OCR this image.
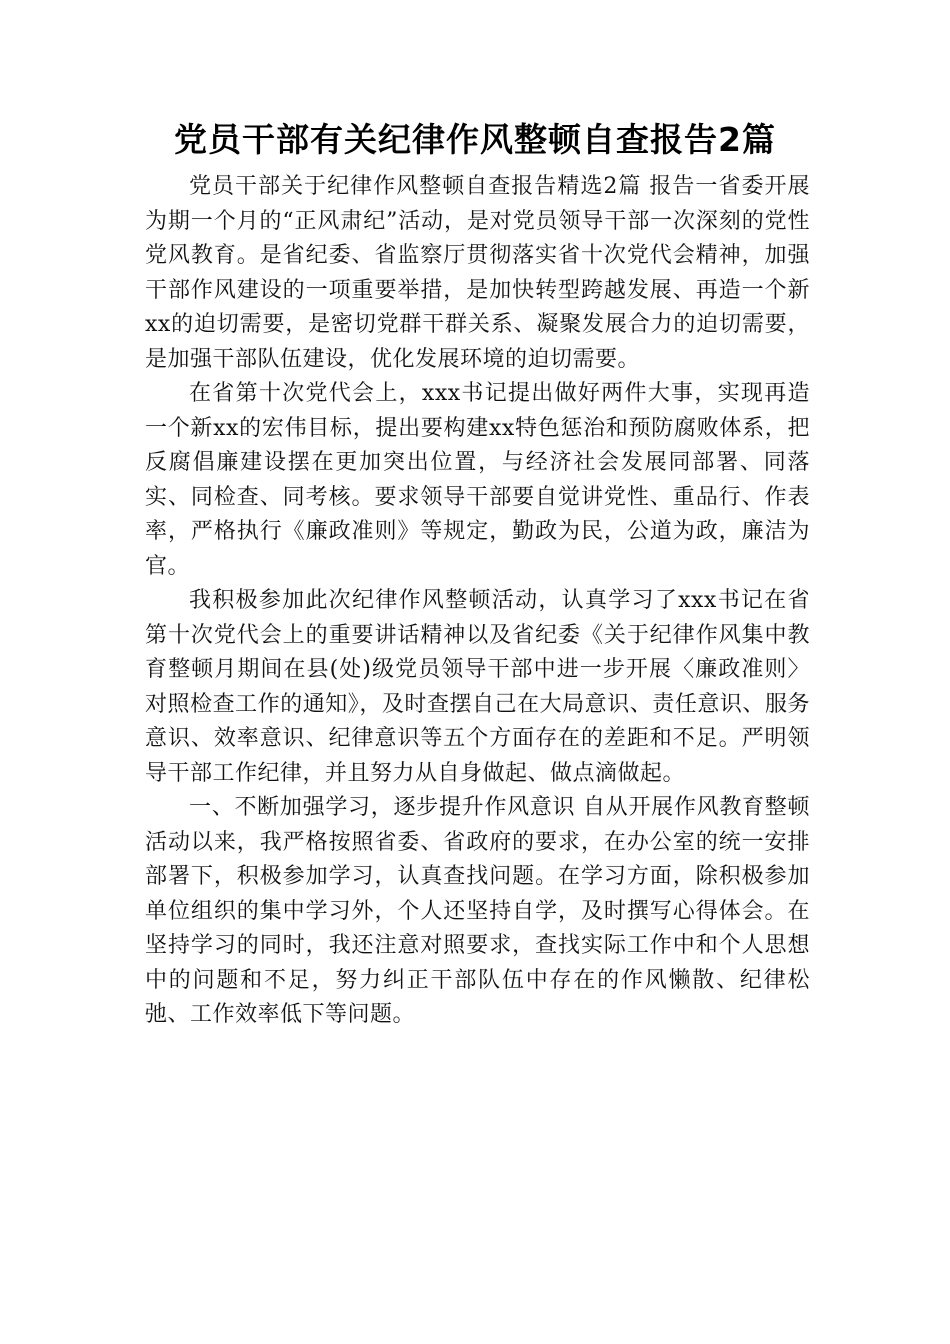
党员干部有关纪律作风整顿自查报告2篇

党员干部关于纪律作风整顿自查报告精选2篇 报告一省委开展为期一个月的“正风肃纪”活动，是对党员领导干部一次深刻的党性党风教育。是省纪委、省监察厅贯彻落实省十次党代会精神，加强干部作风建设的一项重要举措，是加快转型跨越发展、再造一个新xx的迫切需要，是密切党群干群关系、凝聚发展合力的迫切需要，是加强干部队伍建设，优化发展环境的迫切需要。

在省第十次党代会上，xxx书记提出做好两件大事，实现再造一个新xx的宏伟目标，提出要构建xx特色惩治和预防腐败体系，把反腐倡廉建设摆在更加突出位置，与经济社会发展同部署、同落实、同检查、同考核。要求领导干部要自觉讲党性、重品行、作表率，严格执行《廉政准则》等规定，勤政为民，公道为政，廉洁为官。

我积极参加此次纪律作风整顿活动，认真学习了xxx书记在省第十次党代会上的重要讲话精神以及省纪委《关于纪律作风集中教育整顿月期间在县(处)级党员领导干部中进一步开展〈廉政准则〉对照检查工作的通知》，及时查摆自己在大局意识、责任意识、服务意识、效率意识、纪律意识等五个方面存在的差距和不足。严明领导干部工作纪律，并且努力从自身做起、做点滴做起。

一、不断加强学习，逐步提升作风意识 自从开展作风教育整顿活动以来，我严格按照省委、省政府的要求，在办公室的统一安排部署下，积极参加学习，认真查找问题。在学习方面，除积极参加单位组织的集中学习外，个人还坚持自学，及时撰写心得体会。在坚持学习的同时，我还注意对照要求，查找实际工作中和个人思想中的问题和不足，努力纠正干部队伍中存在的作风懒散、纪律松弛、工作效率低下等问题。
